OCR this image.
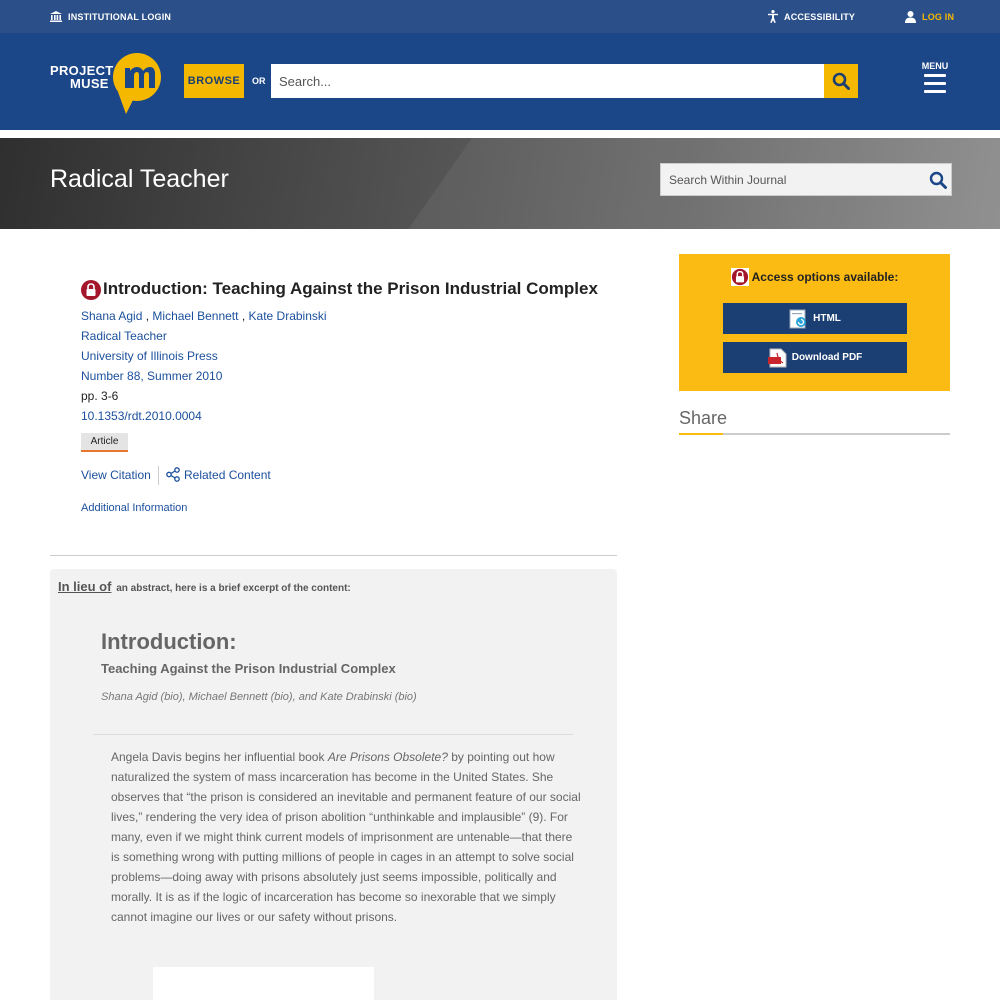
INSTITUTIONAL LOGIN	ACCESSIBILITY	LOG IN
PROJECT
MUSE	BROWSE	OR
Search...
MENU
Radical Teacher
Search Within Journal
Introduction: Teaching Against the Prison Industrial Complex
Shana Agid , Michael Bennett , Kate Drabinski
Radical Teacher
University of Illinois Press
Number 88, Summer 2010
pp. 3-6
10.1353/rdt.2010.0004
Article
View Citation	Related Content
Additional Information
In lieu of an abstract, here is a brief excerpt of the content:
Introduction:
Teaching Against the Prison Industrial Complex
Shana Agid (bio), Michael Bennett (bio), and Kate Drabinski (bio)

Angela Davis begins her influential book Are Prisons Obsolete? by pointing out how naturalized the system of mass incarceration has become in the United States. She observes that “the prison is considered an inevitable and permanent feature of our social lives,” rendering the very idea of prison abolition “unthinkable and implausible” (9). For many, even if we might think current models of imprisonment are untenable—that there is something wrong with putting millions of people in cages in an attempt to solve social problems—doing away with prisons absolutely just seems impossible, politically and morally. It is as if the logic of incarceration has become so inexorable that we simply cannot imagine our lives or our safety without prisons.

Access options available:
HTML
Download PDF
Share
